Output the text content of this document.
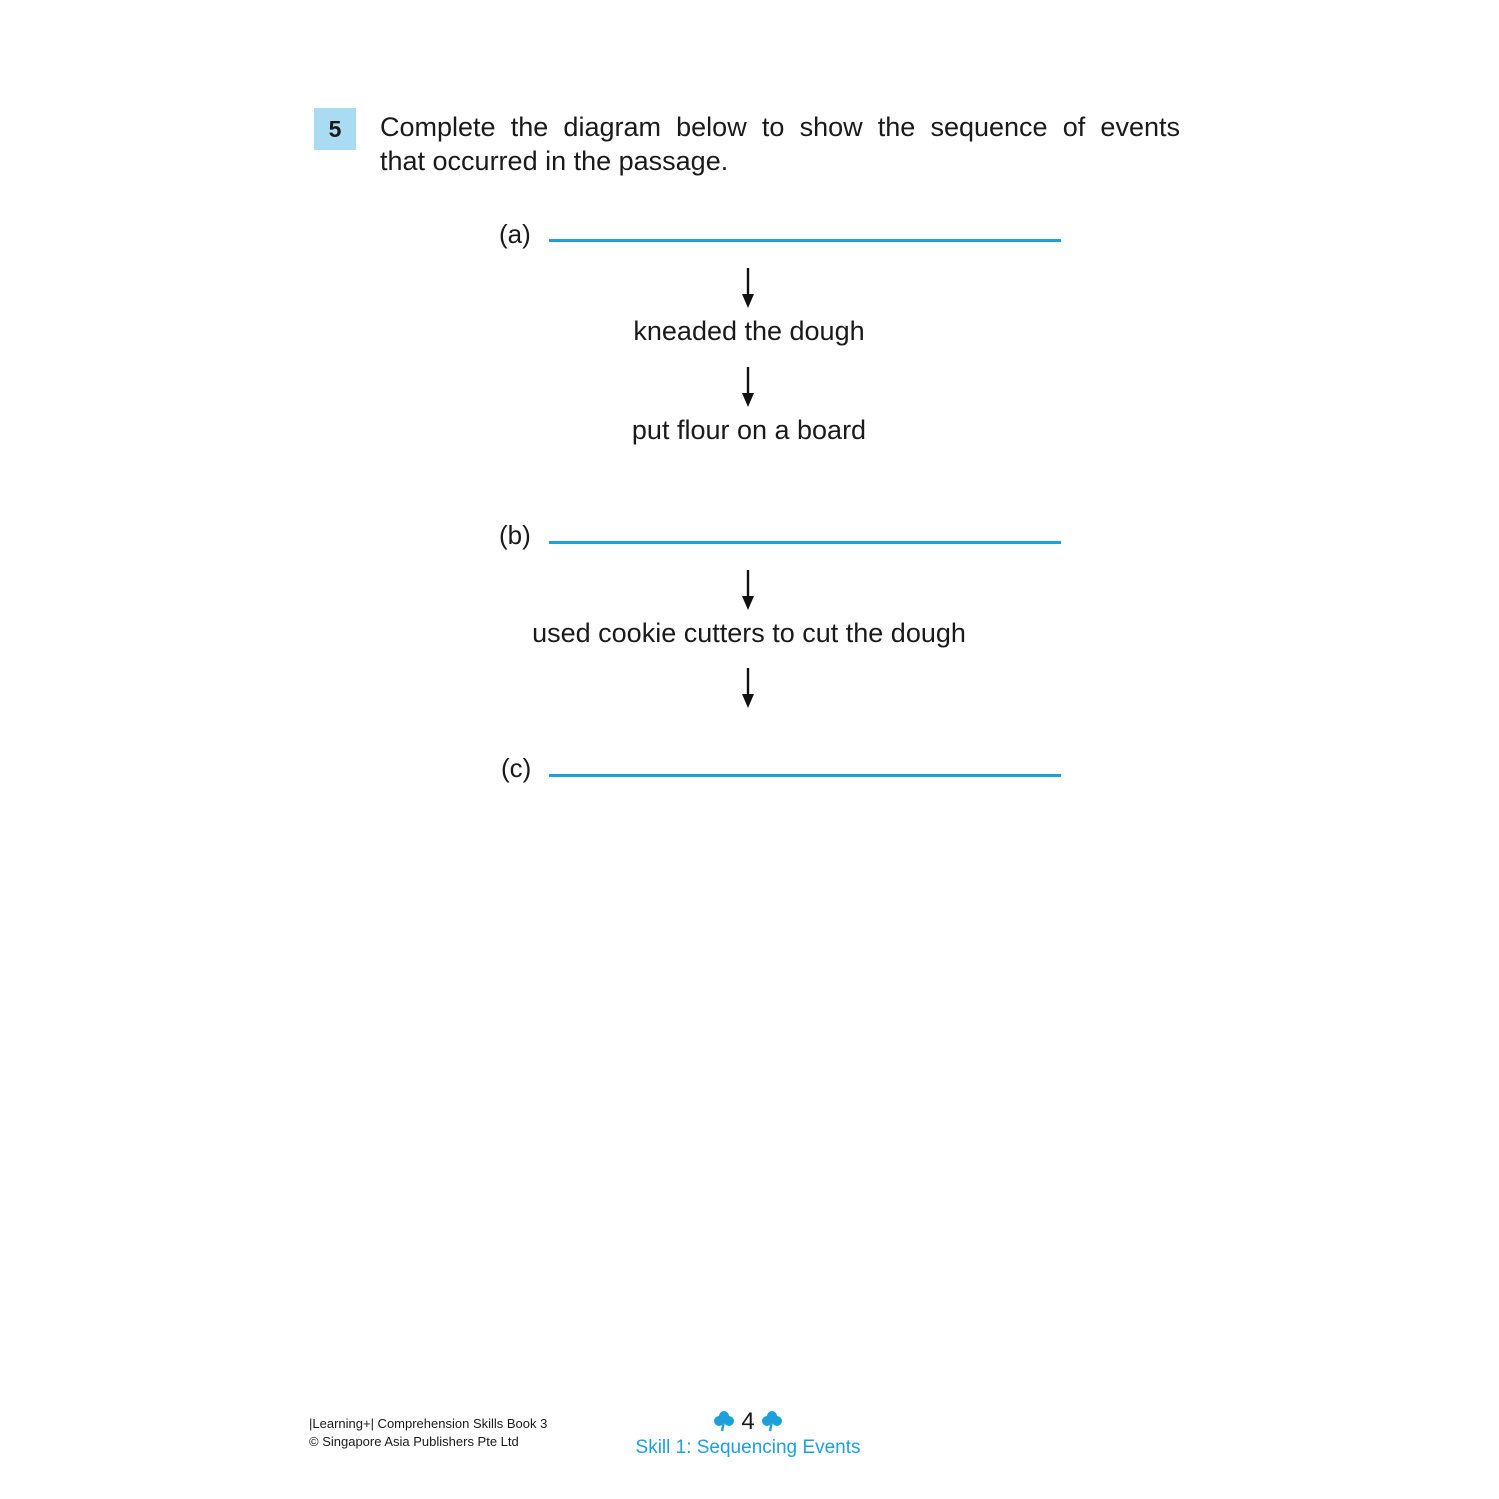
5	Complete the diagram below to show the sequence of events
that occurred in the passage.

(a)
kneaded the dough
put flour on a board
(b)
used cookie cutters to cut the dough
(c)
|Learning+| Comprehension Skills Book 3
© Singapore Asia Publishers Pte Ltd
4
Skill 1: Sequencing Events
